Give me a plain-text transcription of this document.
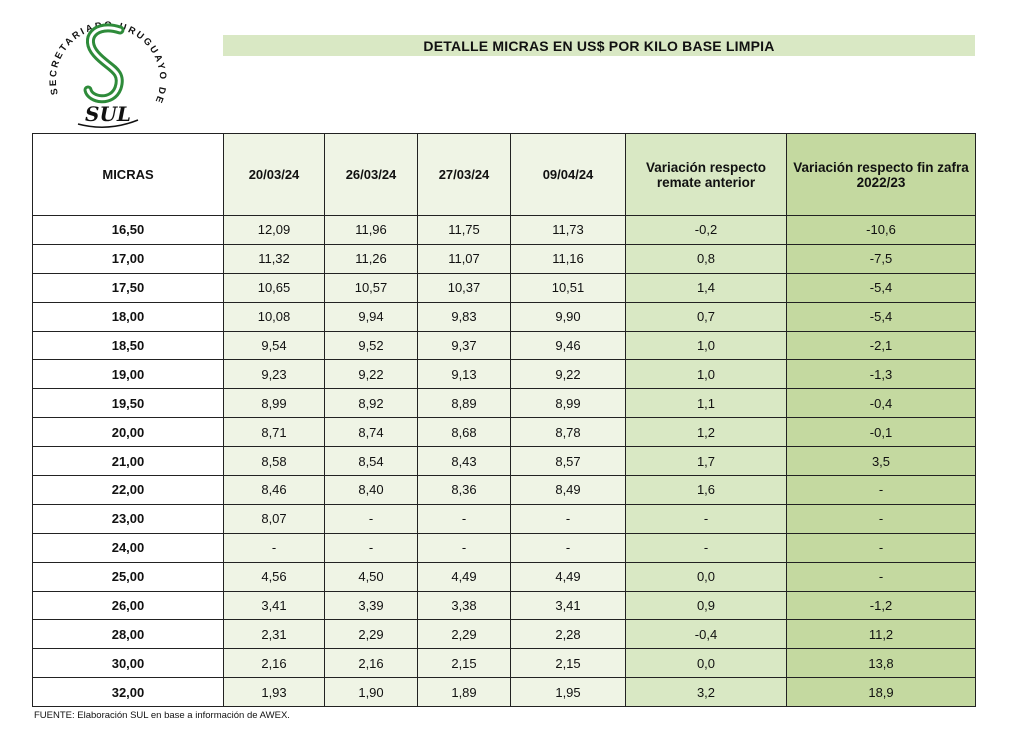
SECRETARIADO URUGUAYO DE
SUL
DETALLE MICRAS EN US$ POR KILO BASE LIMPIA
MICRAS	20/03/24	26/03/24	27/03/24	09/04/24	Variación respecto remate anterior	Variación respecto fin zafra 2022/23
16,50	12,09	11,96	11,75	11,73	-0,2	-10,6
17,00	11,32	11,26	11,07	11,16	0,8	-7,5
17,50	10,65	10,57	10,37	10,51	1,4	-5,4
18,00	10,08	9,94	9,83	9,90	0,7	-5,4
18,50	9,54	9,52	9,37	9,46	1,0	-2,1
19,00	9,23	9,22	9,13	9,22	1,0	-1,3
19,50	8,99	8,92	8,89	8,99	1,1	-0,4
20,00	8,71	8,74	8,68	8,78	1,2	-0,1
21,00	8,58	8,54	8,43	8,57	1,7	3,5
22,00	8,46	8,40	8,36	8,49	1,6	-
23,00	8,07	-	-	-	-	-
24,00	-	-	-	-	-	-
25,00	4,56	4,50	4,49	4,49	0,0	-
26,00	3,41	3,39	3,38	3,41	0,9	-1,2
28,00	2,31	2,29	2,29	2,28	-0,4	11,2
30,00	2,16	2,16	2,15	2,15	0,0	13,8
32,00	1,93	1,90	1,89	1,95	3,2	18,9
FUENTE: Elaboración SUL en base a información de AWEX.
